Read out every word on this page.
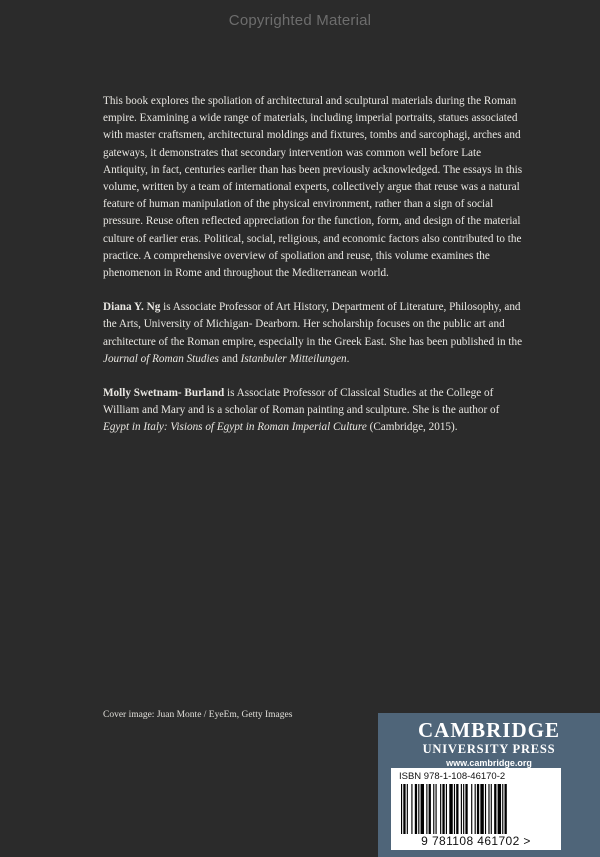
Copyrighted Material

This book explores the spoliation of architectural and sculptural materials during the Roman empire. Examining a wide range of materials, including imperial portraits, statues associated with master craftsmen, architectural moldings and fixtures, tombs and sarcophagi, arches and gateways, it demonstrates that secondary intervention was common well before Late Antiquity, in fact, centuries earlier than has been previously acknowledged. The essays in this volume, written by a team of international experts, collectively argue that reuse was a natural feature of human manipulation of the physical environment, rather than a sign of social pressure. Reuse often reflected appreciation for the function, form, and design of the material culture of earlier eras. Political, social, religious, and economic factors also contributed to the practice. A comprehensive overview of spoliation and reuse, this volume examines the phenomenon in Rome and throughout the Mediterranean world.

Diana Y. Ng is Associate Professor of Art History, Department of Literature, Philosophy, and the Arts, University of Michigan- Dearborn. Her scholarship focuses on the public art and architecture of the Roman empire, especially in the Greek East. She has been published in the Journal of Roman Studies and Istanbuler Mitteilungen.

Molly Swetnam- Burland is Associate Professor of Classical Studies at the College of William and Mary and is a scholar of Roman painting and sculpture. She is the author of Egypt in Italy: Visions of Egypt in Roman Imperial Culture (Cambridge, 2015).

Cover image: Juan Monte / EyeEm, Getty Images
CAMBRIDGE
UNIVERSITY PRESS
www.cambridge.org
ISBN 978-1-108-46170-2
9 781108 461702 >
